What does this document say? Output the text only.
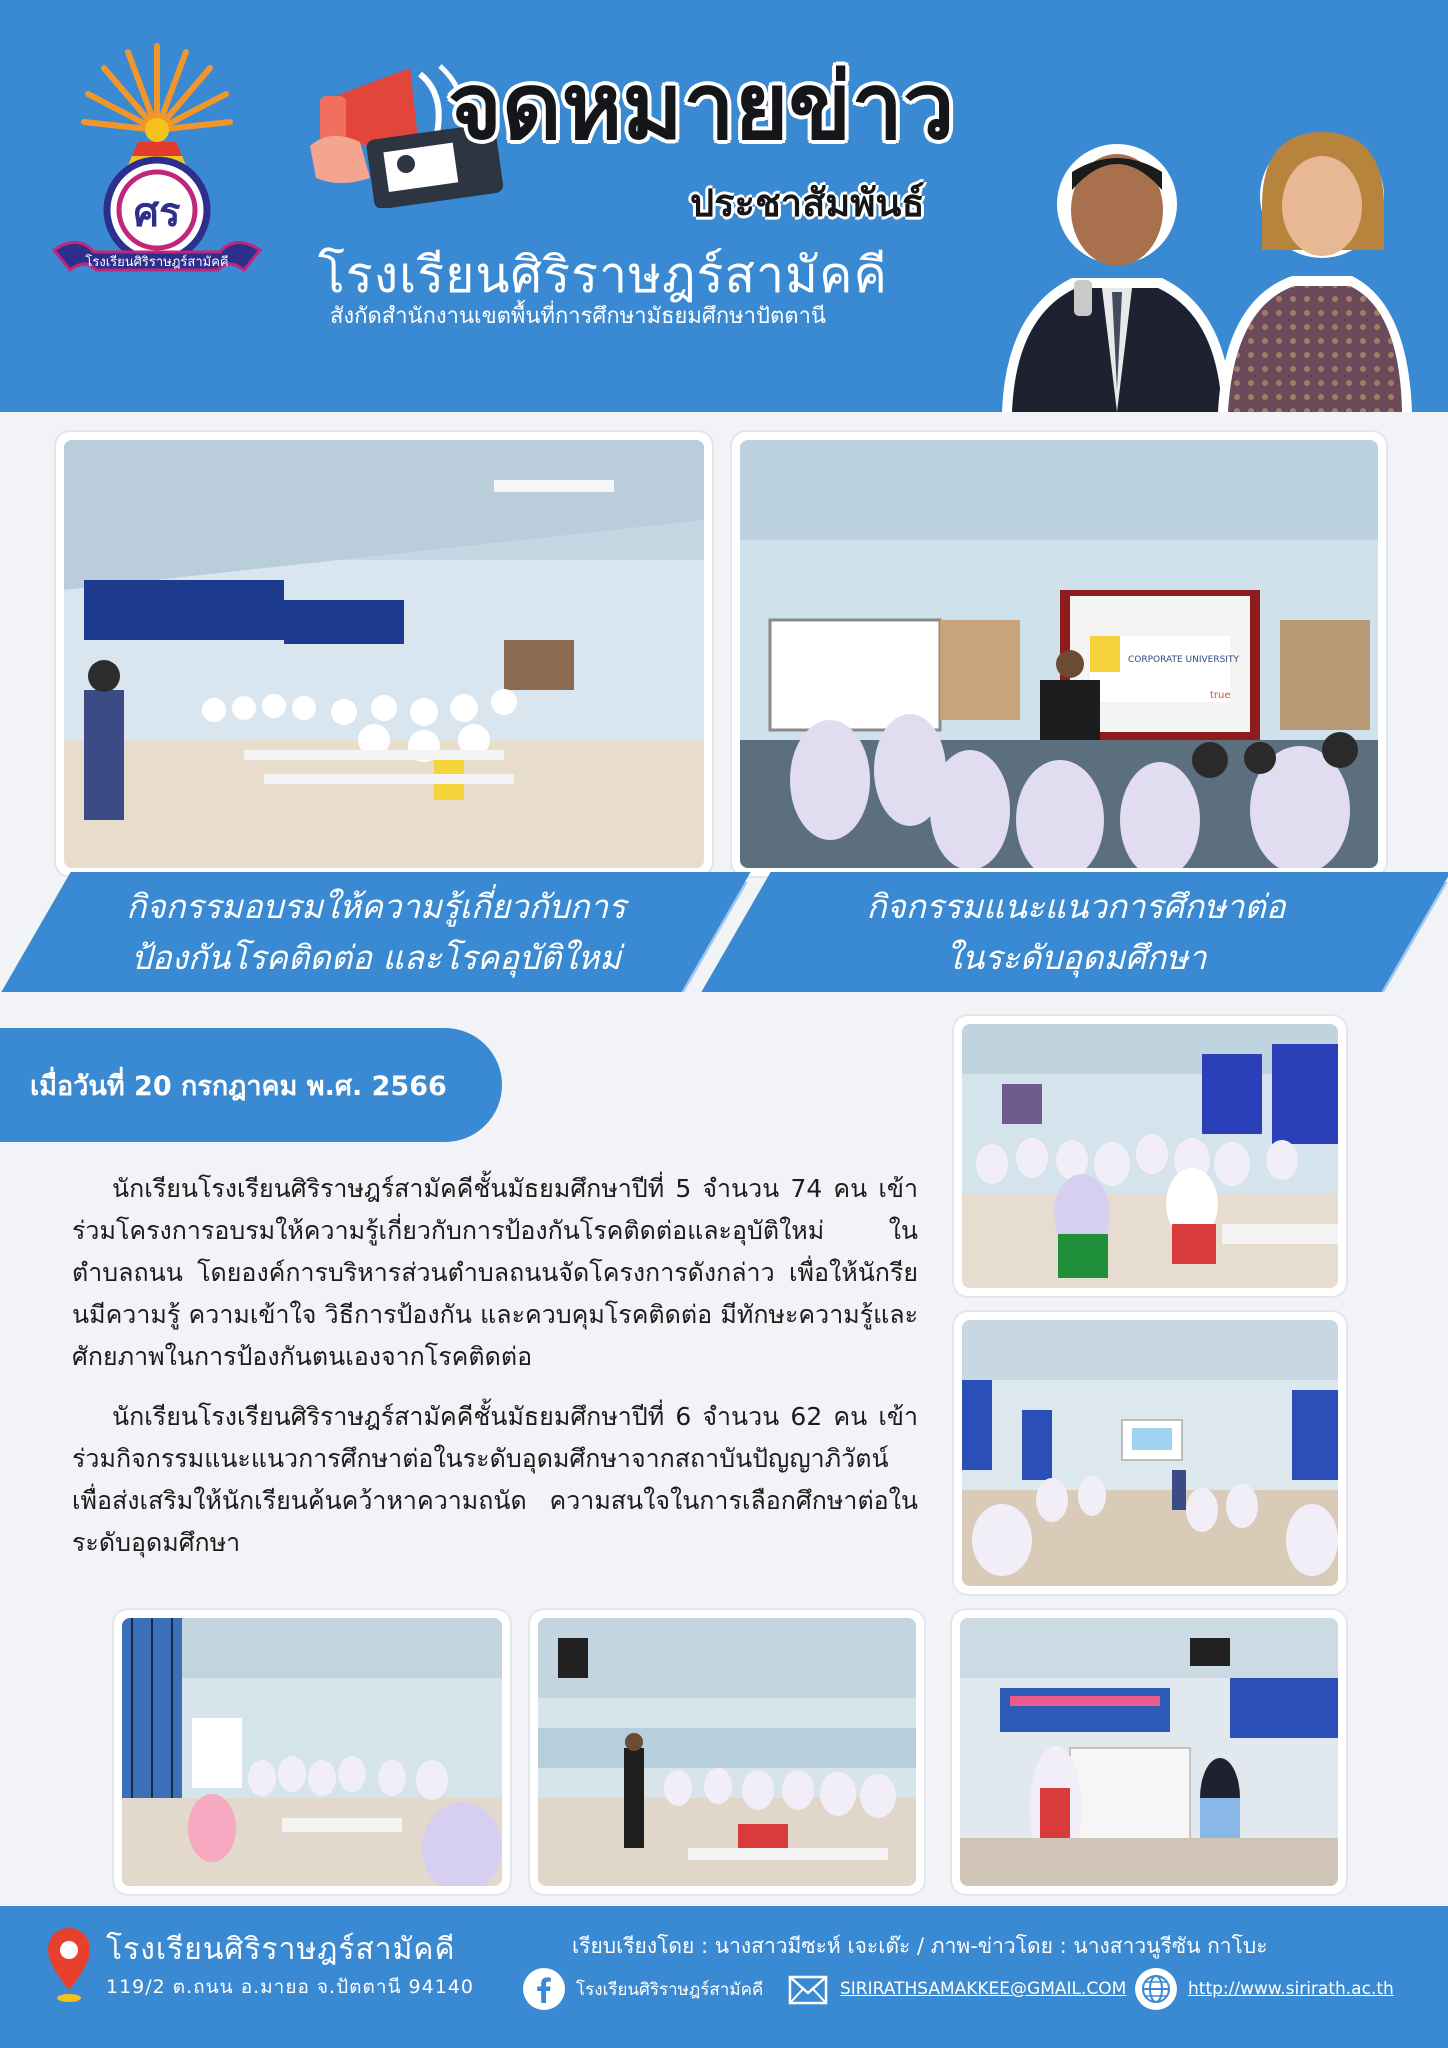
ศร
โรงเรียนศิริราษฎร์สามัคคี
จดหมายข่าว
ประชาสัมพันธ์
โรงเรียนศิริราษฎร์สามัคคี
สังกัดสำนักงานเขตพื้นที่การศึกษามัธยมศึกษาปัตตานี
CORPORATE UNIVERSITY
true
กิจกรรมอบรมให้ความรู้เกี่ยวกับการ
ป้องกันโรคติดต่อ และโรคอุบัติใหม่
กิจกรรมแนะแนวการศึกษาต่อ
ในระดับอุดมศึกษา
เมื่อวันที่ 20 กรกฎาคม พ.ศ. 2566
นักเรียนโรงเรียนศิริราษฎร์สามัคคีชั้นมัธยมศึกษาปีที่ 5 จำนวน 74 คน เข้าร่วมโครงการอบรมให้ความรู้เกี่ยวกับการป้องกันโรคติดต่อและอุบัติใหม่ ในตำบลถนน โดยองค์การบริหารส่วนตำบลถนนจัดโครงการดังกล่าว เพื่อให้นักรียนมีความรู้ ความเข้าใจ วิธีการป้องกัน และควบคุมโรคติดต่อ มีทักษะความรู้และศักยภาพในการป้องกันตนเองจากโรคติดต่อ
นักเรียนโรงเรียนศิริราษฎร์สามัคคีชั้นมัธยมศึกษาปีที่ 6 จำนวน 62 คน เข้าร่วมกิจกรรมแนะแนวการศึกษาต่อในระดับอุดมศึกษาจากสถาบันปัญญาภิวัตน์ เพื่อส่งเสริมให้นักเรียนค้นคว้าหาความถนัด ความสนใจในการเลือกศึกษาต่อในระดับอุดมศึกษา
โรงเรียนศิริราษฎร์สามัคคี
119/2 ต.ถนน อ.มายอ จ.ปัตตานี 94140
เรียบเรียงโดย : นางสาวมีซะห์ เจะเต๊ะ / ภาพ-ข่าวโดย : นางสาวนูรีซัน กาโบะ
โรงเรียนศิริราษฎร์สามัคคี	SIRIRATHSAMAKKEE@GMAIL.COM	http://www.sirirath.ac.th
